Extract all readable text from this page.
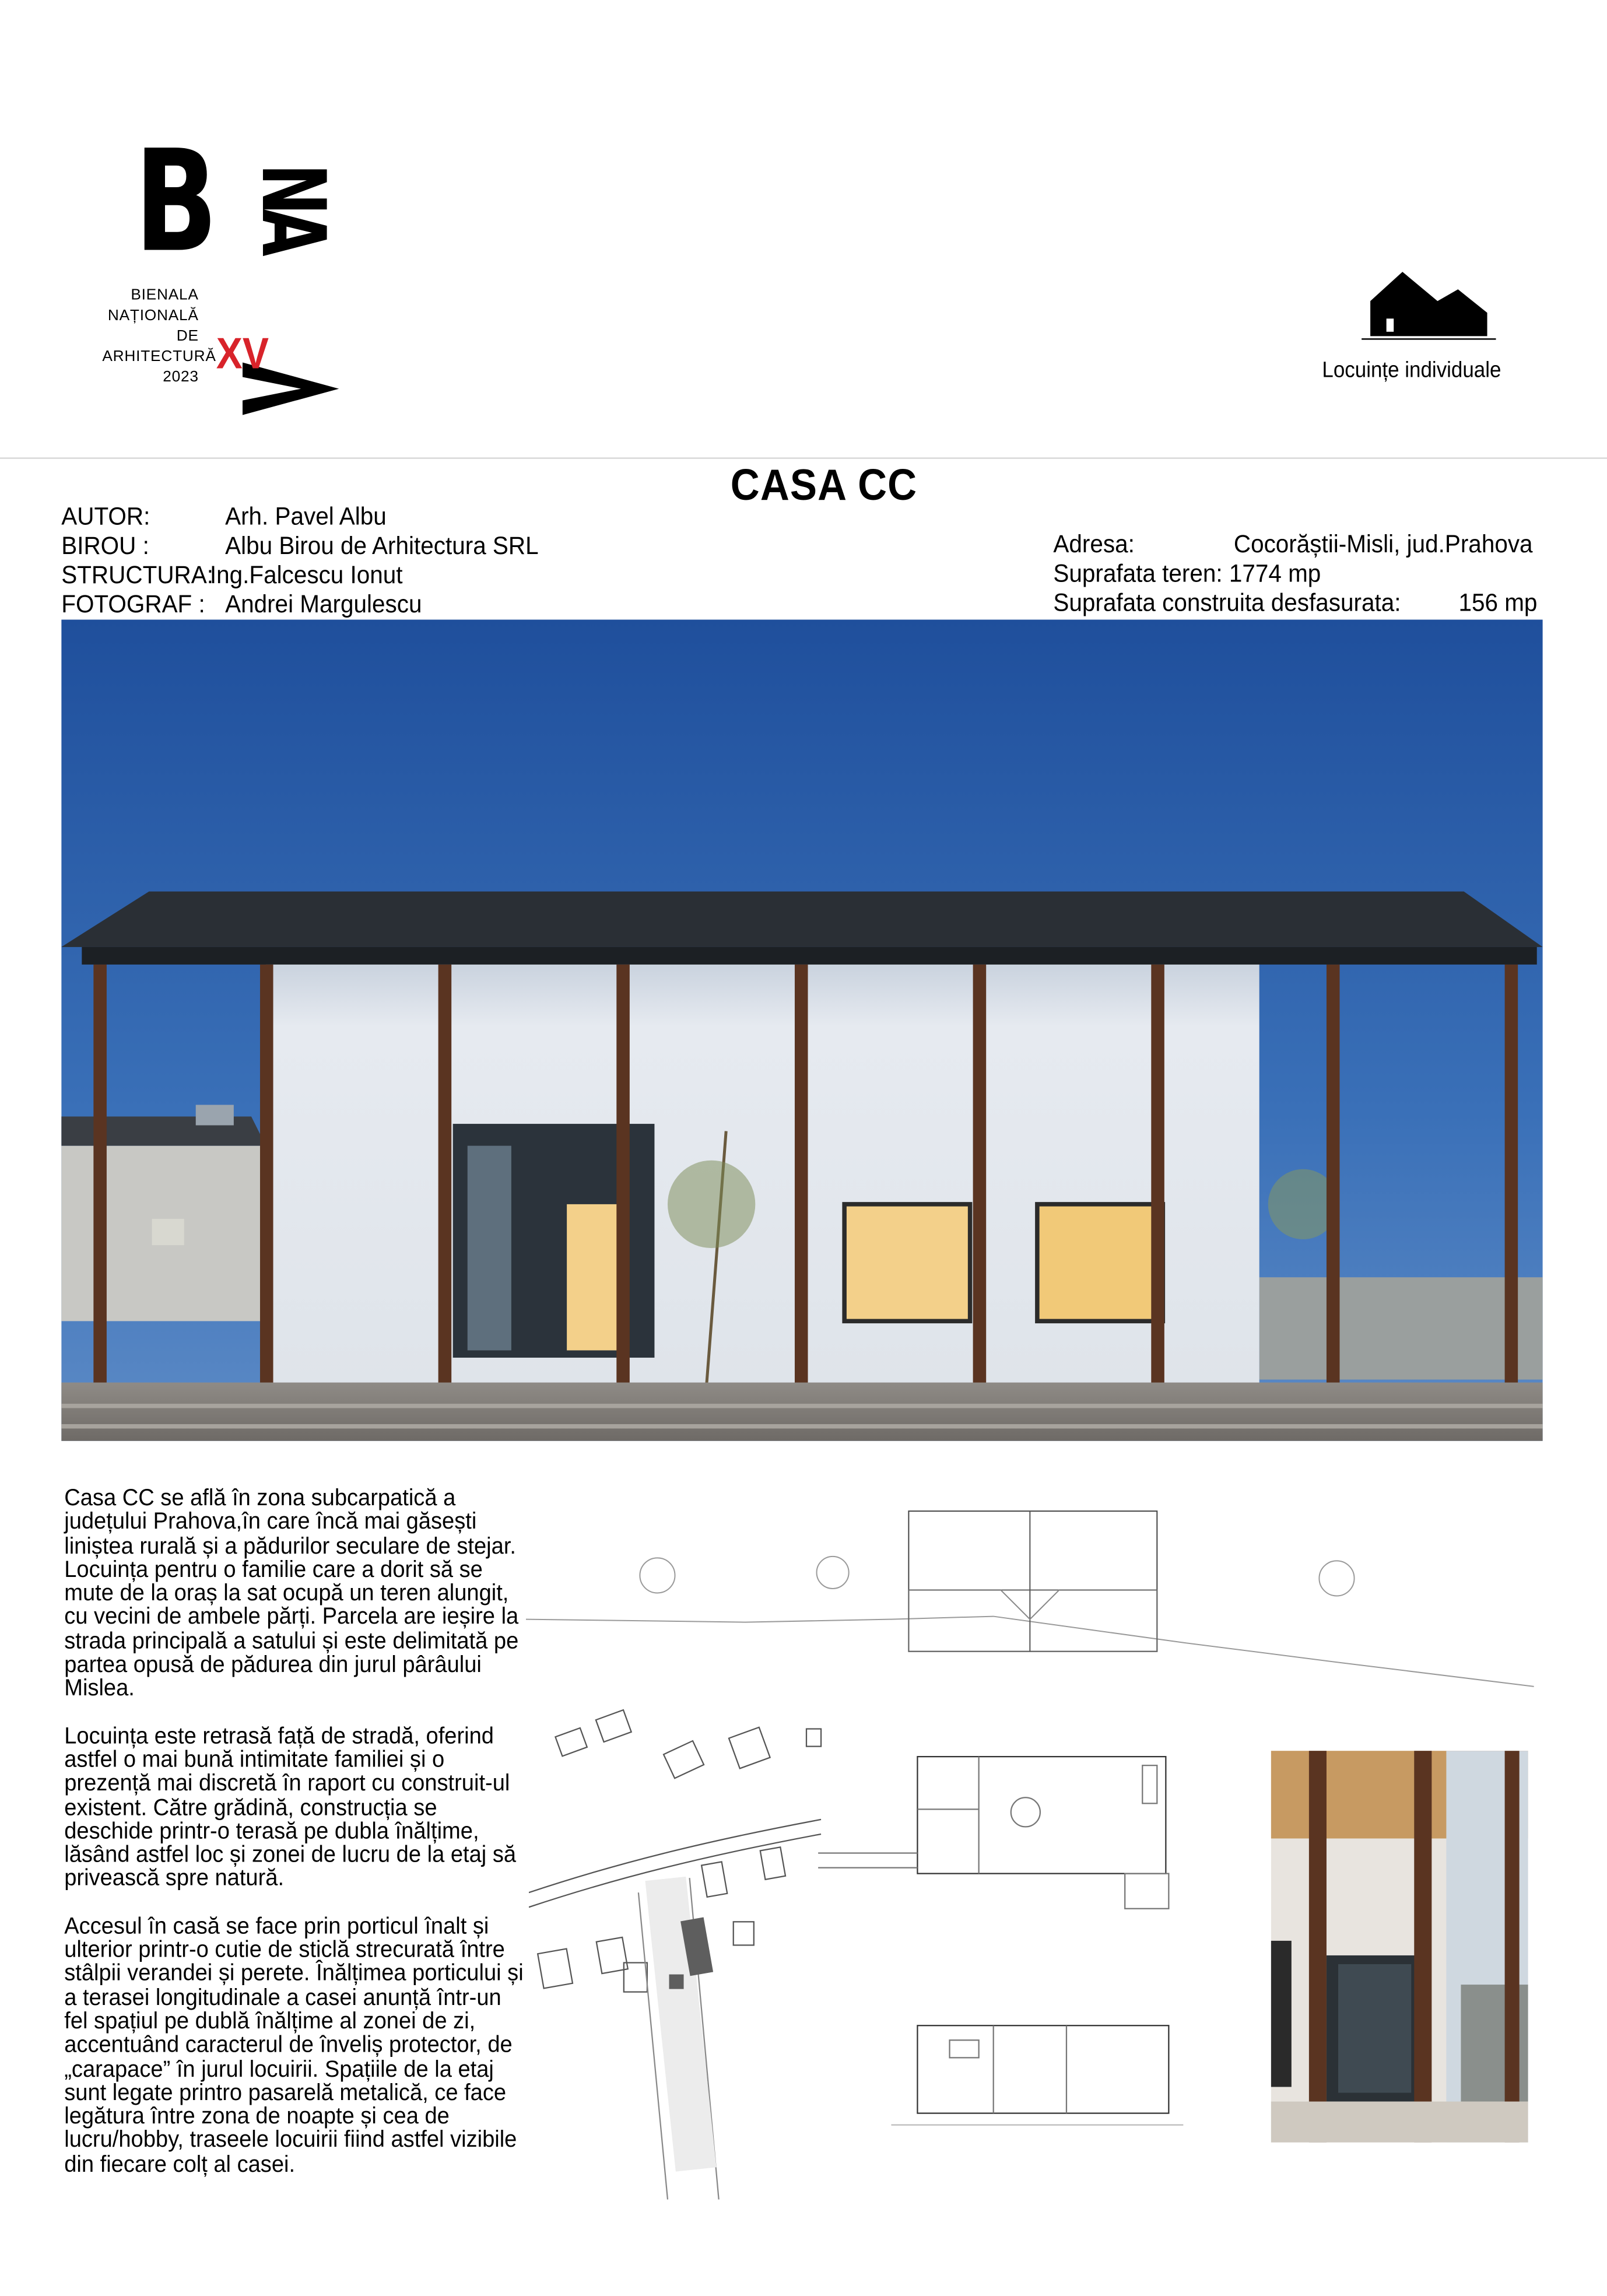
B NA
BIENALA
NAȚIONALĂ
DE
ARHITECTURĂ
2023 XV	Locuințe individuale
CASA CC
AUTOR:	Arh. Pavel Albu
BIROU :	Albu Birou de Arhitectura SRL
STRUCTURA:
Ing.Falcescu Ionut
FOTOGRAF : Andrei Margulescu
Adresa:	Cocorăștii-Misli, jud.Prahova
Suprafata teren: 1774 mp
Suprafata construita desfasurata:	156 mp

Casa CC se află în zona subcarpatică a județului Prahova,în care încă mai găsești liniștea rurală și a pădurilor seculare de stejar. Locuința pentru o familie care a dorit să se mute de la oraș la sat ocupă un teren alungit, cu vecini de ambele părți. Parcela are ieșire la strada principală a satului și este delimitată pe partea opusă de pădurea din jurul pârâului Mislea.

Locuința este retrasă față de stradă, oferind astfel o mai bună intimitate familiei și o prezență mai discretă în raport cu construit-ul existent. Către grădină, construcția se deschide printr-o terasă pe dubla înălțime, lăsând astfel loc și zonei de lucru de la etaj să privească spre natură.

Accesul în casă se face prin porticul înalt și ulterior printr-o cutie de sticlă strecurată între stâlpii verandei și perete. Înălțimea porticului și a terasei longitudinale a casei anunță într-un fel spațiul pe dublă înălțime al zonei de zi, accentuând caracterul de înveliș protector, de „carapace” în jurul locuirii. Spațiile de la etaj sunt legate printro pasarelă metalică, ce face legătura între zona de noapte și cea de lucru/hobby, traseele locuirii fiind astfel vizibile din fiecare colț al casei.
